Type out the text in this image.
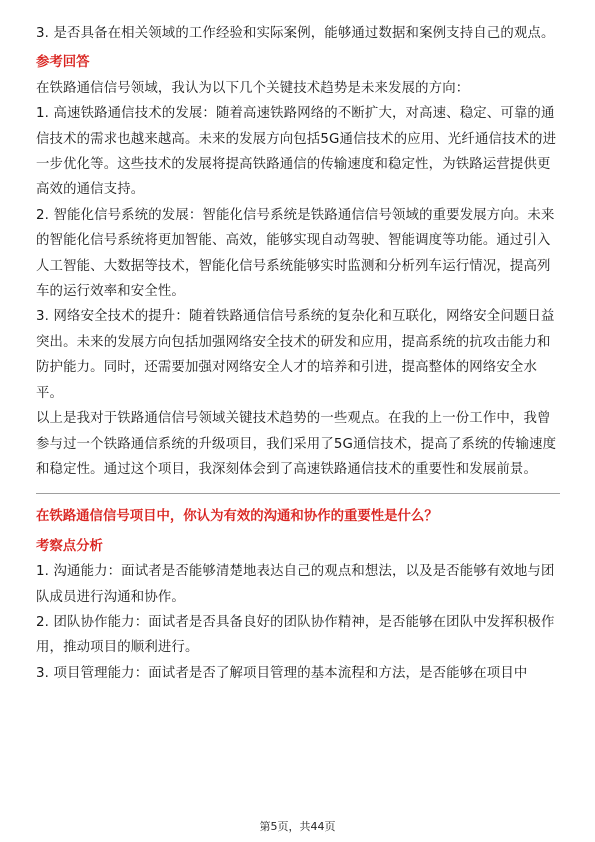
3. 是否具备在相关领域的工作经验和实际案例，能够通过数据和案例支持自己的观点。

参考回答

在铁路通信信号领域，我认为以下几个关键技术趋势是未来发展的方向：

1. 高速铁路通信技术的发展：随着高速铁路网络的不断扩大，对高速、稳定、可靠的通信技术的需求也越来越高。未来的发展方向包括5G通信技术的应用、光纤通信技术的进一步优化等。这些技术的发展将提高铁路通信的传输速度和稳定性，为铁路运营提供更高效的通信支持。

2. 智能化信号系统的发展：智能化信号系统是铁路通信信号领域的重要发展方向。未来的智能化信号系统将更加智能、高效，能够实现自动驾驶、智能调度等功能。通过引入人工智能、大数据等技术，智能化信号系统能够实时监测和分析列车运行情况，提高列车的运行效率和安全性。

3. 网络安全技术的提升：随着铁路通信信号系统的复杂化和互联化，网络安全问题日益突出。未来的发展方向包括加强网络安全技术的研发和应用，提高系统的抗攻击能力和防护能力。同时，还需要加强对网络安全人才的培养和引进，提高整体的网络安全水平。

以上是我对于铁路通信信号领域关键技术趋势的一些观点。在我的上一份工作中，我曾参与过一个铁路通信系统的升级项目，我们采用了5G通信技术，提高了系统的传输速度和稳定性。通过这个项目，我深刻体会到了高速铁路通信技术的重要性和发展前景。

在铁路通信信号项目中，你认为有效的沟通和协作的重要性是什么？
考察点分析

1. 沟通能力：面试者是否能够清楚地表达自己的观点和想法，以及是否能够有效地与团队成员进行沟通和协作。

2. 团队协作能力：面试者是否具备良好的团队协作精神，是否能够在团队中发挥积极作用，推动项目的顺利进行。

3. 项目管理能力：面试者是否了解项目管理的基本流程和方法，是否能够在项目中

第5页，共44页
